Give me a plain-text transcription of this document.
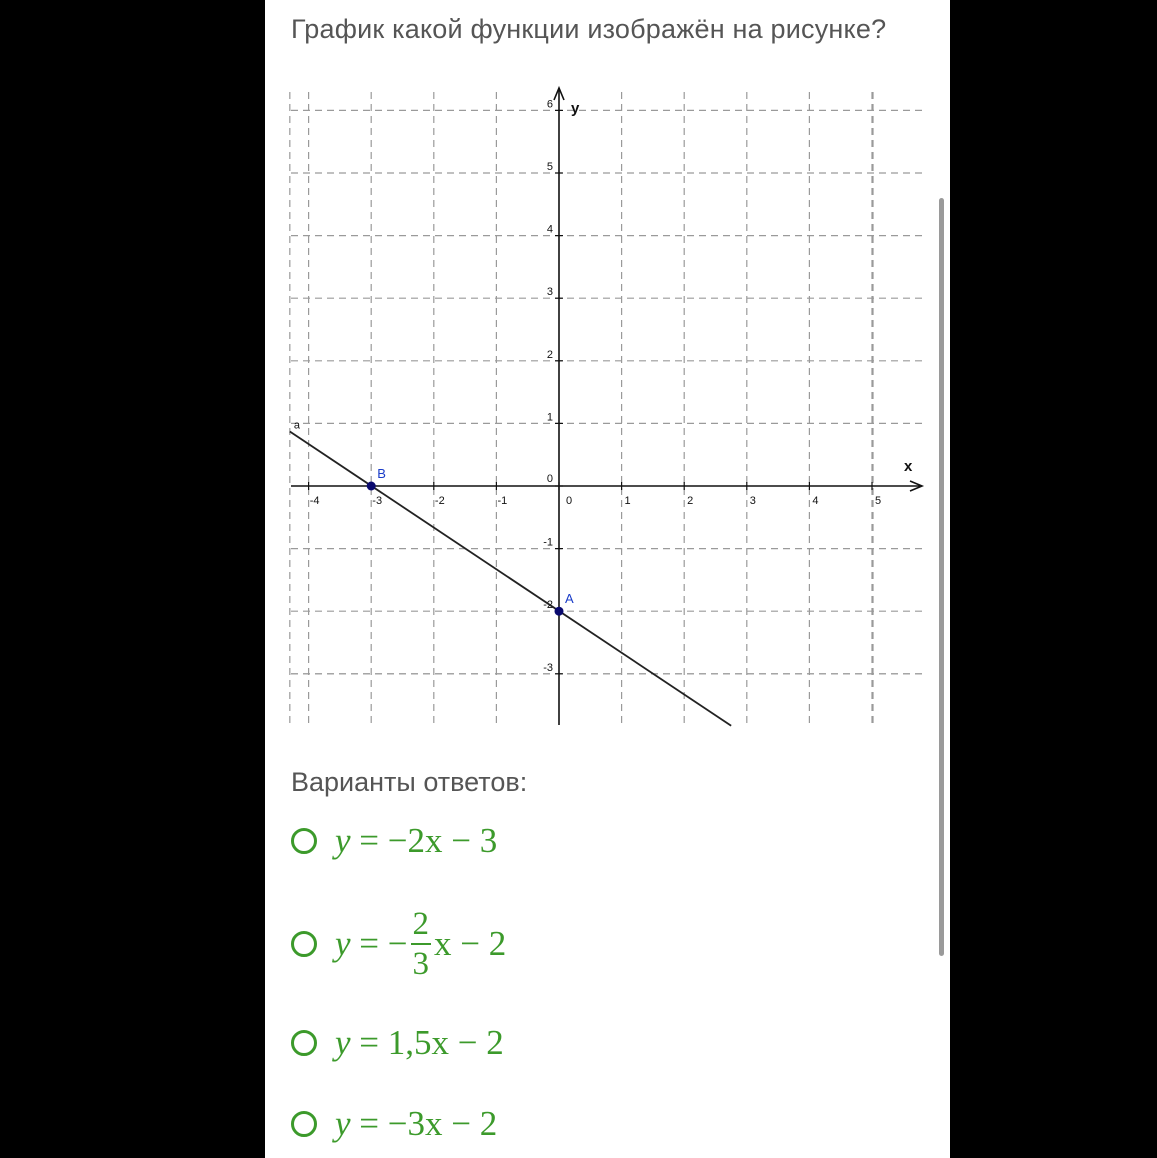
График какой функции изображён на рисунке?
-4	-3	-2	-1	0	1	2	3	4	5
-3
-2
-1
0
1
2
3
4
5
6
x
y
a
A
B
Варианты ответов:
y = −2x − 3
y = − $\frac{2}{3}$ x − 2
y = 1,5x − 2
y = −3x − 2
